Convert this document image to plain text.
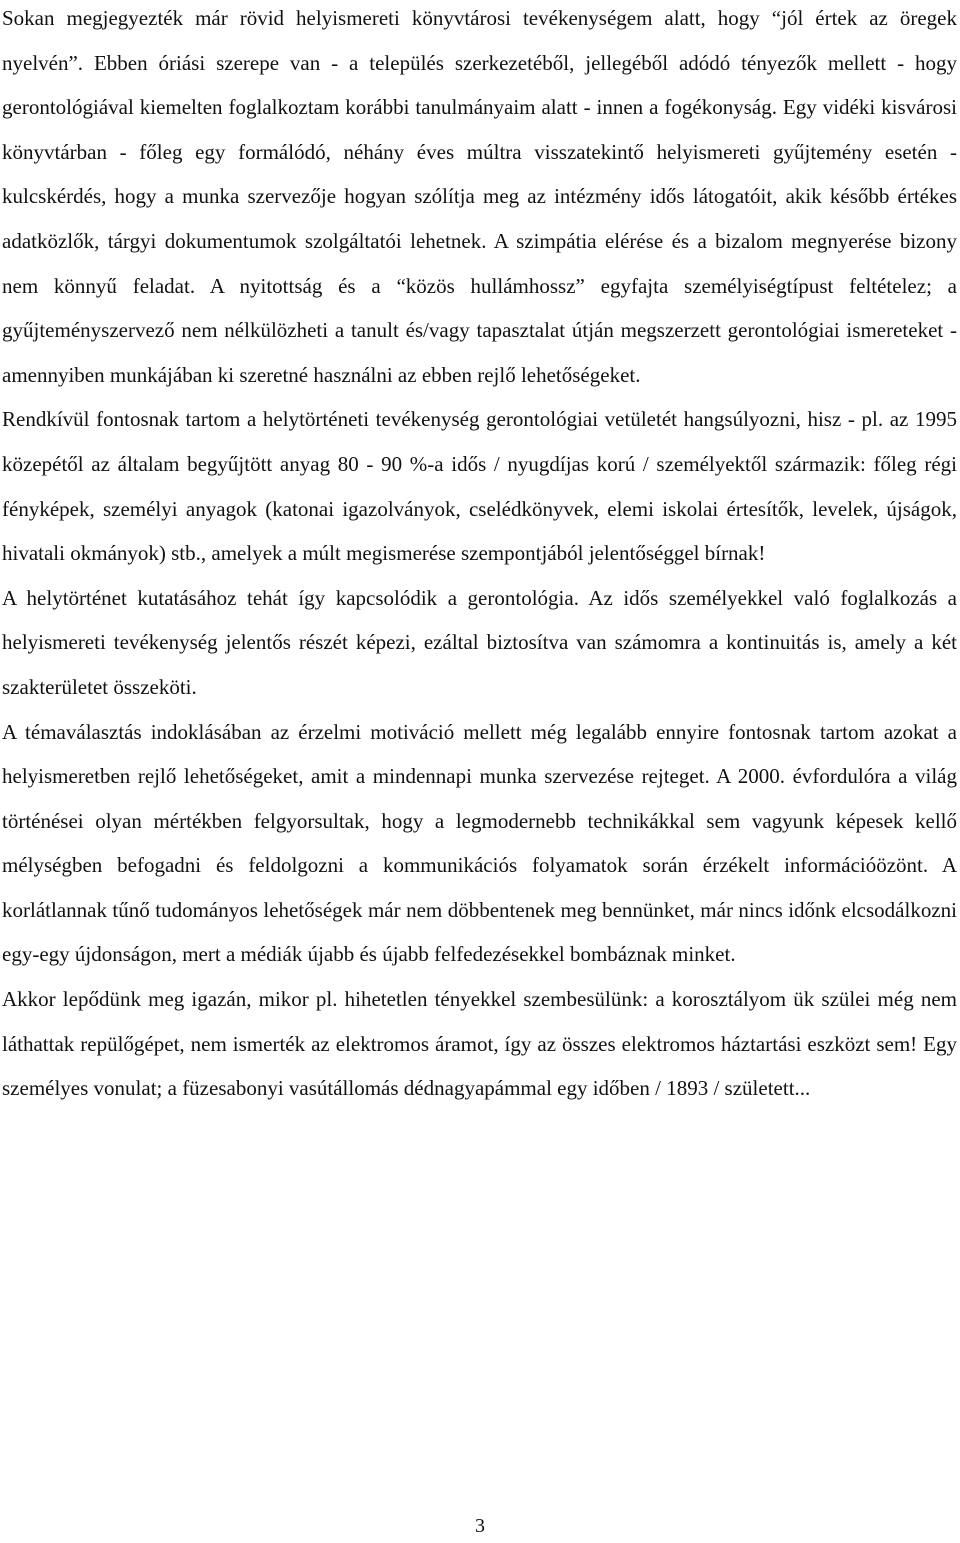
Sokan megjegyezték már rövid helyismereti könyvtárosi tevékenységem alatt, hogy “jól értek az öregek nyelvén”. Ebben óriási szerepe van - a település szerkezetéből, jellegéből adódó tényezők mellett - hogy gerontológiával kiemelten foglalkoztam korábbi tanulmányaim alatt - innen a fogékonyság. Egy vidéki kisvárosi könyvtárban - főleg egy formálódó, néhány éves múltra visszatekintő helyismereti gyűjtemény esetén - kulcskérdés, hogy a munka szervezője hogyan szólítja meg az intézmény idős látogatóit, akik később értékes adatközlők, tárgyi dokumentumok szolgáltatói lehetnek. A szimpátia elérése és a bizalom megnyerése bizony nem könnyű feladat. A nyitottság és a “közös hullámhossz” egyfajta személyiségtípust feltételez; a gyűjteményszervező nem nélkülözheti a tanult és/vagy tapasztalat útján megszerzett gerontológiai ismereteket - amennyiben munkájában ki szeretné használni az ebben rejlő lehetőségeket.

Rendkívül fontosnak tartom a helytörténeti tevékenység gerontológiai vetületét hangsúlyozni, hisz - pl. az 1995 közepétől az általam begyűjtött anyag 80 - 90 %-a idős / nyugdíjas korú / személyektől származik: főleg régi fényképek, személyi anyagok (katonai igazolványok, cselédkönyvek, elemi iskolai értesítők, levelek, újságok, hivatali okmányok) stb., amelyek a múlt megismerése szempontjából jelentőséggel bírnak!

A helytörténet kutatásához tehát így kapcsolódik a gerontológia. Az idős személyekkel való foglalkozás a helyismereti tevékenység jelentős részét képezi, ezáltal biztosítva van számomra a kontinuitás is, amely a két szakterületet összeköti.

A témaválasztás indoklásában az érzelmi motiváció mellett még legalább ennyire fontosnak tartom azokat a helyismeretben rejlő lehetőségeket, amit a mindennapi munka szervezése rejteget. A 2000. évfordulóra a világ történései olyan mértékben felgyorsultak, hogy a legmodernebb technikákkal sem vagyunk képesek kellő mélységben befogadni és feldolgozni a kommunikációs folyamatok során érzékelt információözönt. A korlátlannak tűnő tudományos lehetőségek már nem döbbentenek meg bennünket, már nincs időnk elcsodálkozni egy-egy újdonságon, mert a médiák újabb és újabb felfedezésekkel bombáznak minket.

Akkor lepődünk meg igazán, mikor pl. hihetetlen tényekkel szembesülünk: a korosztályom ük szülei még nem láthattak repülőgépet, nem ismerték az elektromos áramot, így az összes elektromos háztartási eszközt sem! Egy személyes vonulat; a füzesabonyi vasútállomás dédnagyapámmal egy időben / 1893 / született...

3
